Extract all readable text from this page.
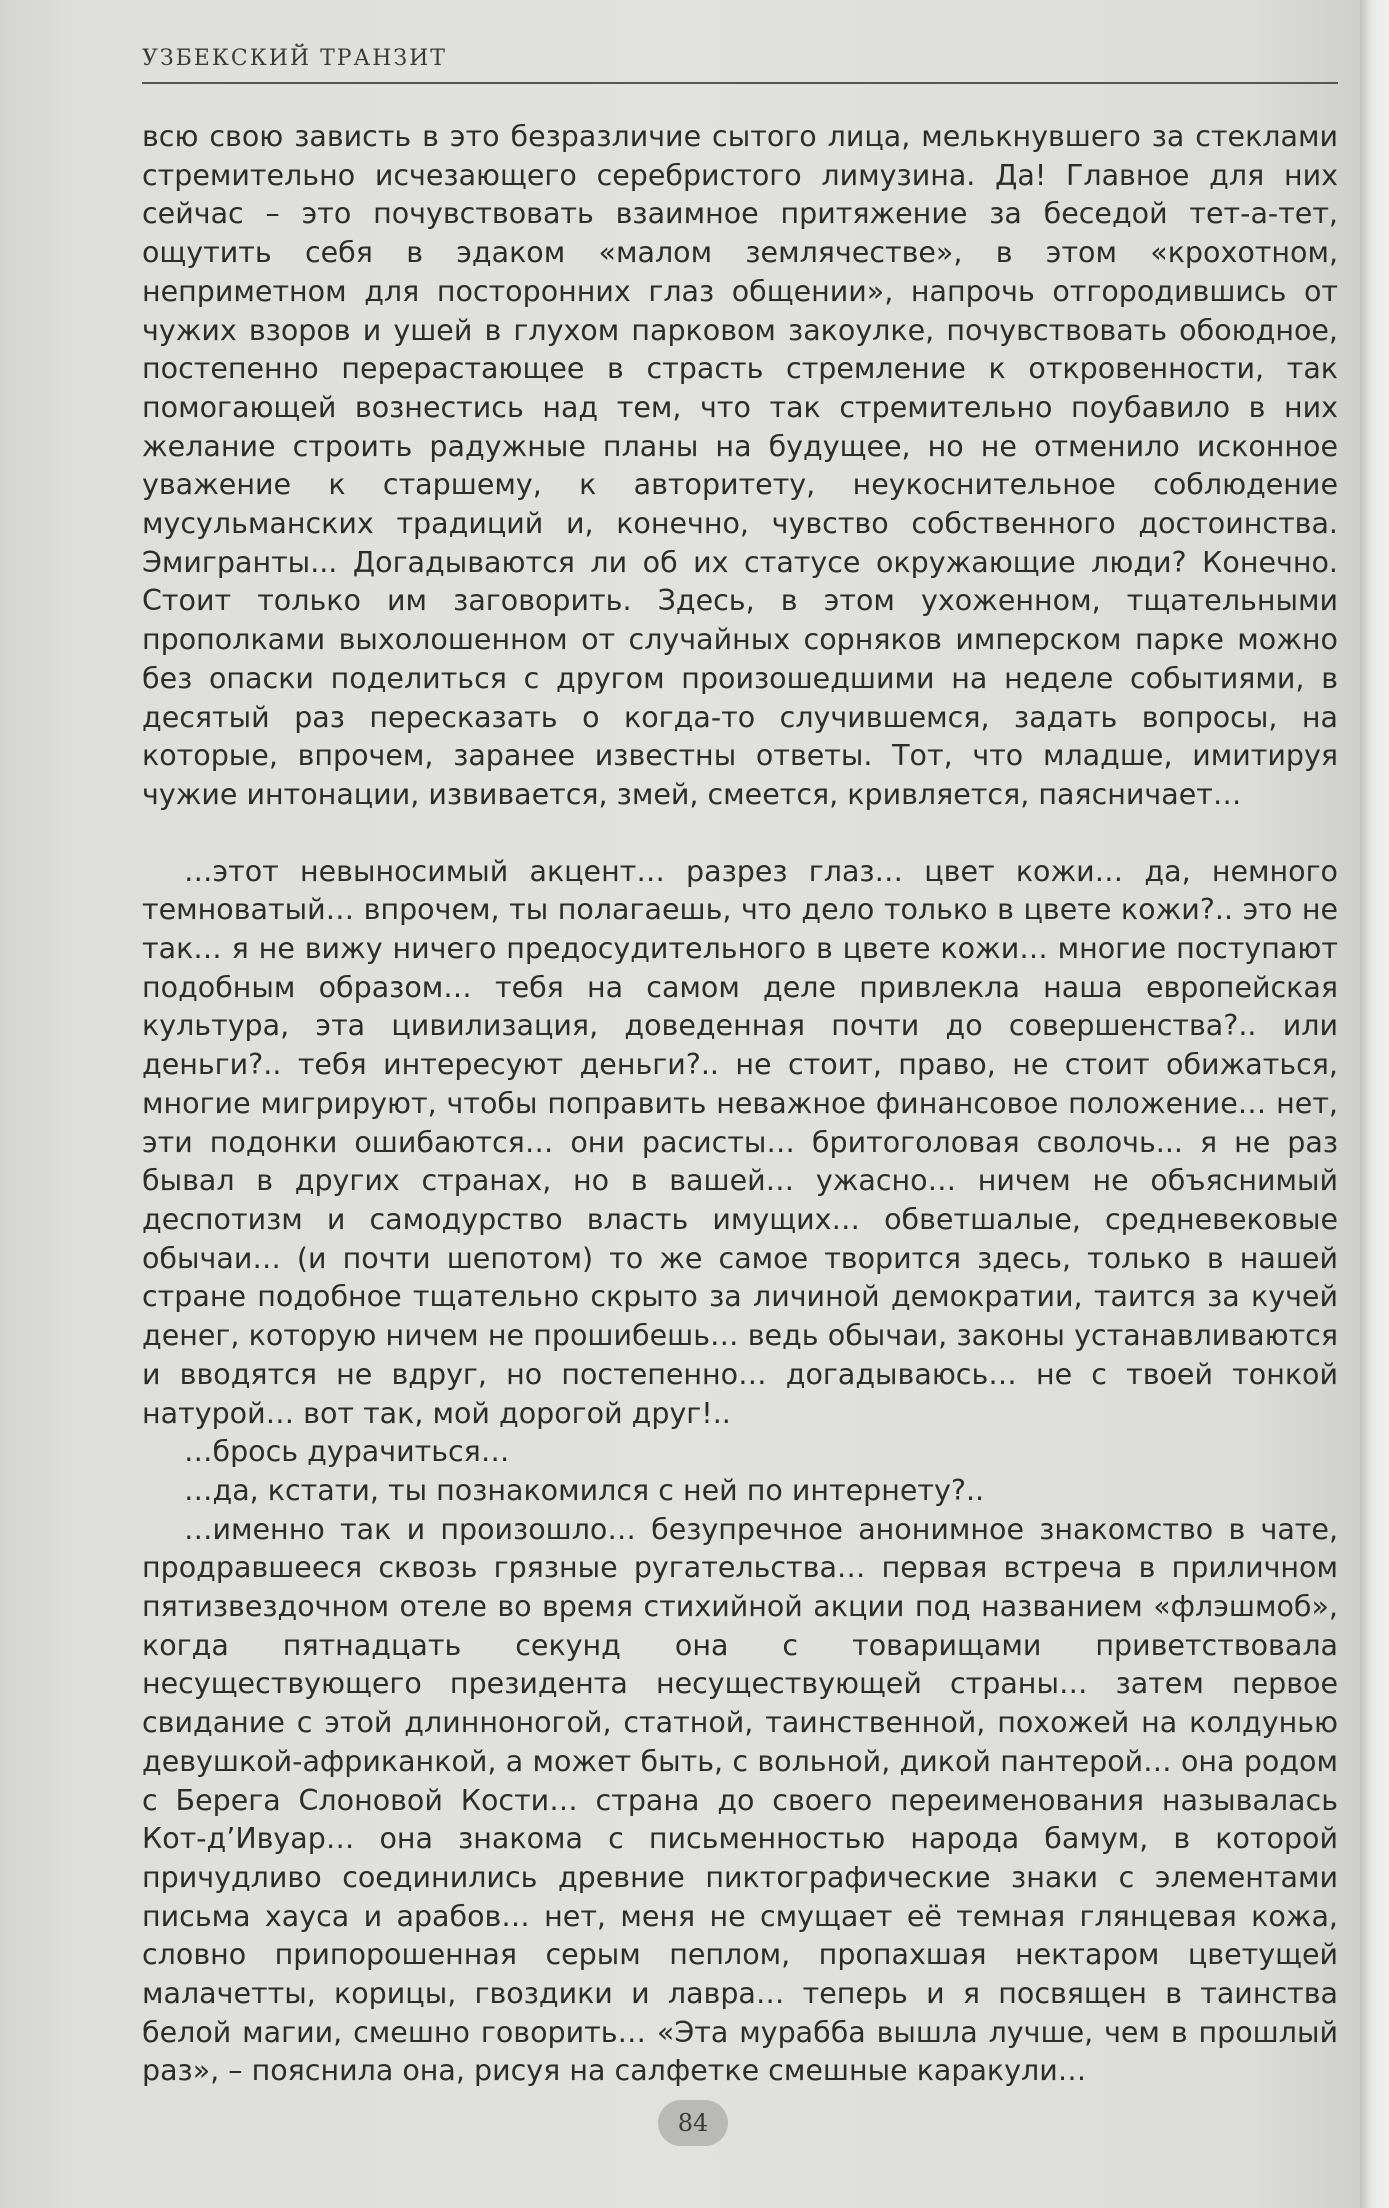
УЗБЕКСКИЙ ТРАНЗИТ

всю свою зависть в это безразличие сытого лица, мелькнувшего за стеклами стремительно исчезающего серебристого лимузина. Да! Главное для них сейчас – это почувствовать взаимное притяжение за беседой тет-а-тет, ощутить себя в эдаком «малом землячестве», в этом «крохотном, неприметном для посторонних глаз общении», напрочь отгородившись от чужих взоров и ушей в глухом парковом закоулке, почувствовать обоюдное, постепенно перерастающее в страсть стремление к откровенности, так помогающей вознестись над тем, что так стремительно поубавило в них желание строить радужные планы на будущее, но не отменило исконное уважение к старшему, к авторитету, неукоснительное соблюдение мусульманских традиций и, конечно, чувство собственного достоинства. Эмигранты... Догадываются ли об их статусе окружающие люди? Конечно. Стоит только им заговорить. Здесь, в этом ухоженном, тщательными прополками выхолошенном от случайных сорняков имперском парке можно без опаски поделиться с другом произошедшими на неделе событиями, в десятый раз пересказать о когда-то случившемся, задать вопросы, на которые, впрочем, заранее известны ответы. Тот, что младше, имитируя чужие интонации, извивается, змей, смеется, кривляется, паясничает…

…этот невыносимый акцент… разрез глаз… цвет кожи… да, немного темноватый… впрочем, ты полагаешь, что дело только в цвете кожи?.. это не так… я не вижу ничего предосудительного в цвете кожи… многие поступают подобным образом… тебя на самом деле привлекла наша европейская культура, эта цивилизация, доведенная почти до совершенства?.. или деньги?.. тебя интересуют деньги?.. не стоит, право, не стоит обижаться, многие мигрируют, чтобы поправить неважное финансовое положение… нет, эти подонки ошибаются… они расисты… бритоголовая сволочь... я не раз бывал в других странах, но в вашей… ужасно… ничем не объяснимый деспотизм и самодурство власть имущих… обветшалые, средневековые обычаи… (и почти шепотом) то же самое творится здесь, только в нашей стране подобное тщательно скрыто за личиной демократии, таится за кучей денег, которую ничем не прошибешь… ведь обычаи, законы устанавливаются и вводятся не вдруг, но постепенно… догадываюсь… не с твоей тонкой натурой… вот так, мой дорогой друг!..

…брось дурачиться…

…да, кстати, ты познакомился с ней по интернету?..

…именно так и произошло… безупречное анонимное знакомство в чате, продравшееся сквозь грязные ругательства… первая встреча в приличном пятизвездочном отеле во время стихийной акции под названием «флэшмоб», когда пятнадцать секунд она с товарищами приветствовала несуществующего президента несуществующей страны… затем первое свидание с этой длинноногой, статной, таинственной, похожей на колдунью девушкой-африканкой, а может быть, с вольной, дикой пантерой… она родом с Берега Слоновой Кости… страна до своего переименования называлась Кот-д’Ивуар… она знакома с письменностью народа бамум, в которой причудливо соединились древние пиктографические знаки с элементами письма хауса и арабов… нет, меня не смущает её темная глянцевая кожа, словно припорошенная серым пеплом, пропахшая нектаром цветущей малачетты, корицы, гвоздики и лавра… теперь и я посвящен в таинства белой магии, смешно говорить… «Эта мурабба вышла лучше, чем в прошлый раз», – пояснила она, рисуя на салфетке смешные каракули…

84
